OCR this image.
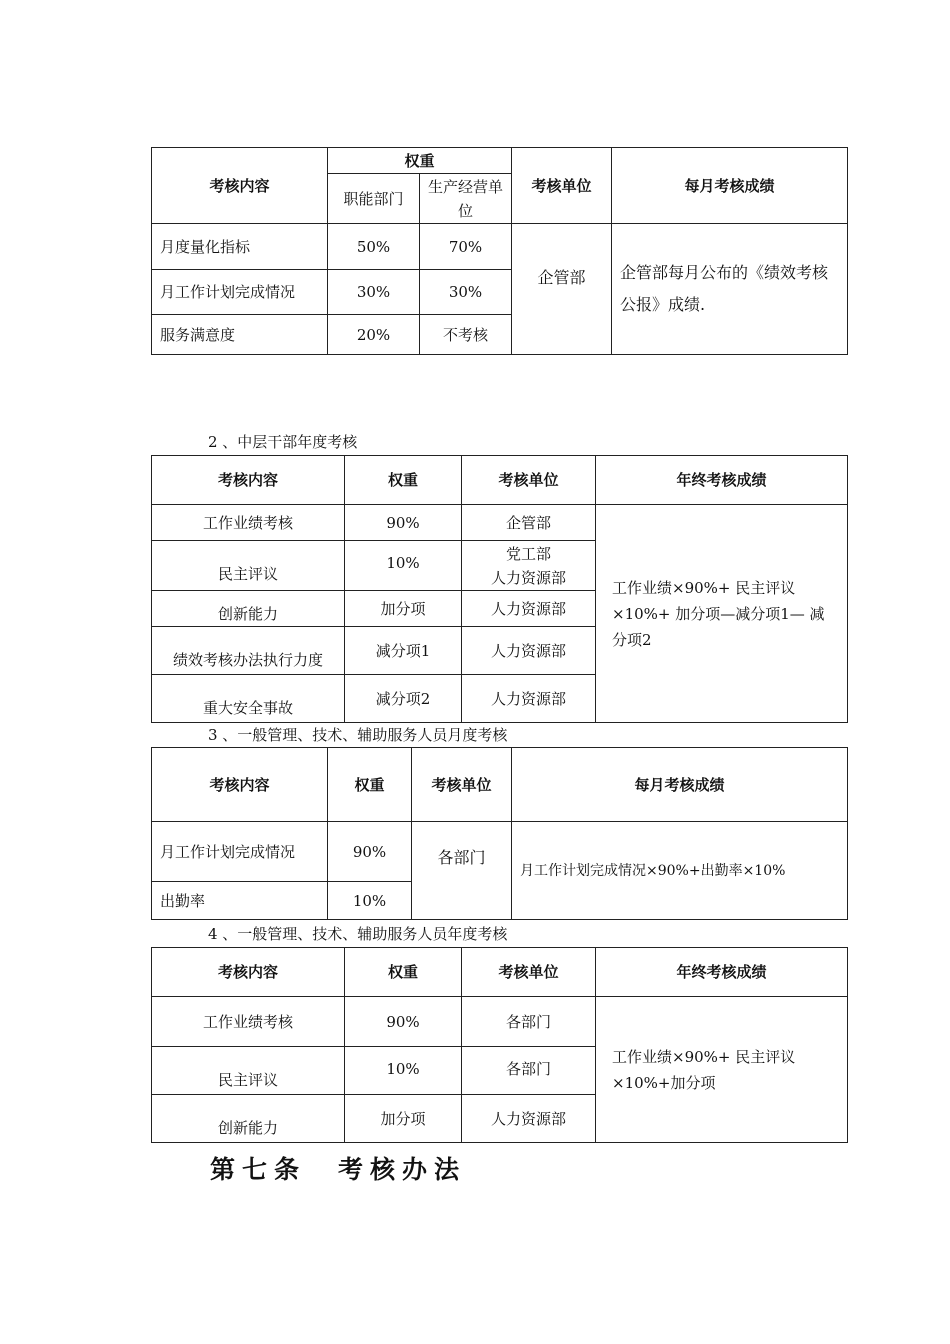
考核内容	权重		考核单位	每月考核成绩
	职能部门	生产经营单位		
月度量化指标	50%	70%	企管部	企管部每月公布的《绩效考核公报》成绩.
月工作计划完成情况	30%	30%		
服务满意度	20%	不考核		
2 、中层干部年度考核
考核内容	权重	考核单位	年终考核成绩
工作业绩考核	90%	企管部	工作业绩×90%+ 民主评议×10%+ 加分项—减分项1— 减分项2
民主评议	10%	党工部
人力资源部	
创新能力	加分项	人力资源部	
绩效考核办法执行力度	减分项1	人力资源部	
重大安全事故	减分项2	人力资源部	
3 、一般管理、技术、辅助服务人员月度考核
考核内容	权重	考核单位	每月考核成绩
月工作计划完成情况	90%	各部门	月工作计划完成情况×90%+出勤率×10%
出勤率	10%		
4 、一般管理、技术、辅助服务人员年度考核
考核内容	权重	考核单位	年终考核成绩
工作业绩考核	90%	各部门	工作业绩×90%+ 民主评议×10%+加分项
民主评议	10%	各部门	
创新能力	加分项	人力资源部	
第七条 考核办法
